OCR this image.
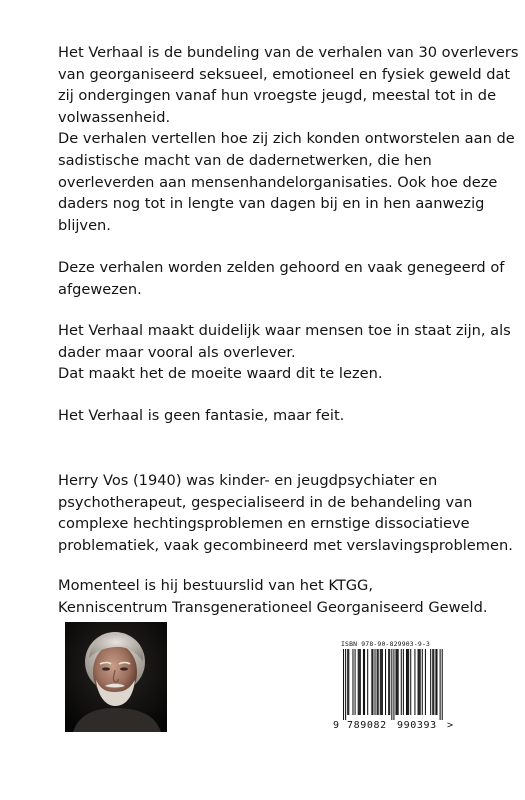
Het Verhaal is de bundeling van de verhalen van 30 overlevers
van georganiseerd seksueel, emotioneel en fysiek geweld dat
zij ondergingen vanaf hun vroegste jeugd, meestal tot in de
volwassenheid.
De verhalen vertellen hoe zij zich konden ontworstelen aan de
sadistische macht van de dadernetwerken, die hen
overleverden aan mensenhandelorganisaties. Ook hoe deze
daders nog tot in lengte van dagen bij en in hen aanwezig
blijven.
Deze verhalen worden zelden gehoord en vaak genegeerd of
afgewezen.
Het Verhaal maakt duidelijk waar mensen toe in staat zijn, als
dader maar vooral als overlever.
Dat maakt het de moeite waard dit te lezen.
Het Verhaal is geen fantasie, maar feit.
Herry Vos (1940) was kinder- en jeugdpsychiater en
psychotherapeut, gespecialiseerd in de behandeling van
complexe hechtingsproblemen en ernstige dissociatieve
problematiek, vaak gecombineerd met verslavingsproblemen.
Momenteel is hij bestuurslid van het KTGG,
Kenniscentrum Transgenerationeel Georganiseerd Geweld.
ISBN 978-90-829903-9-3
9 789082 990393 >
